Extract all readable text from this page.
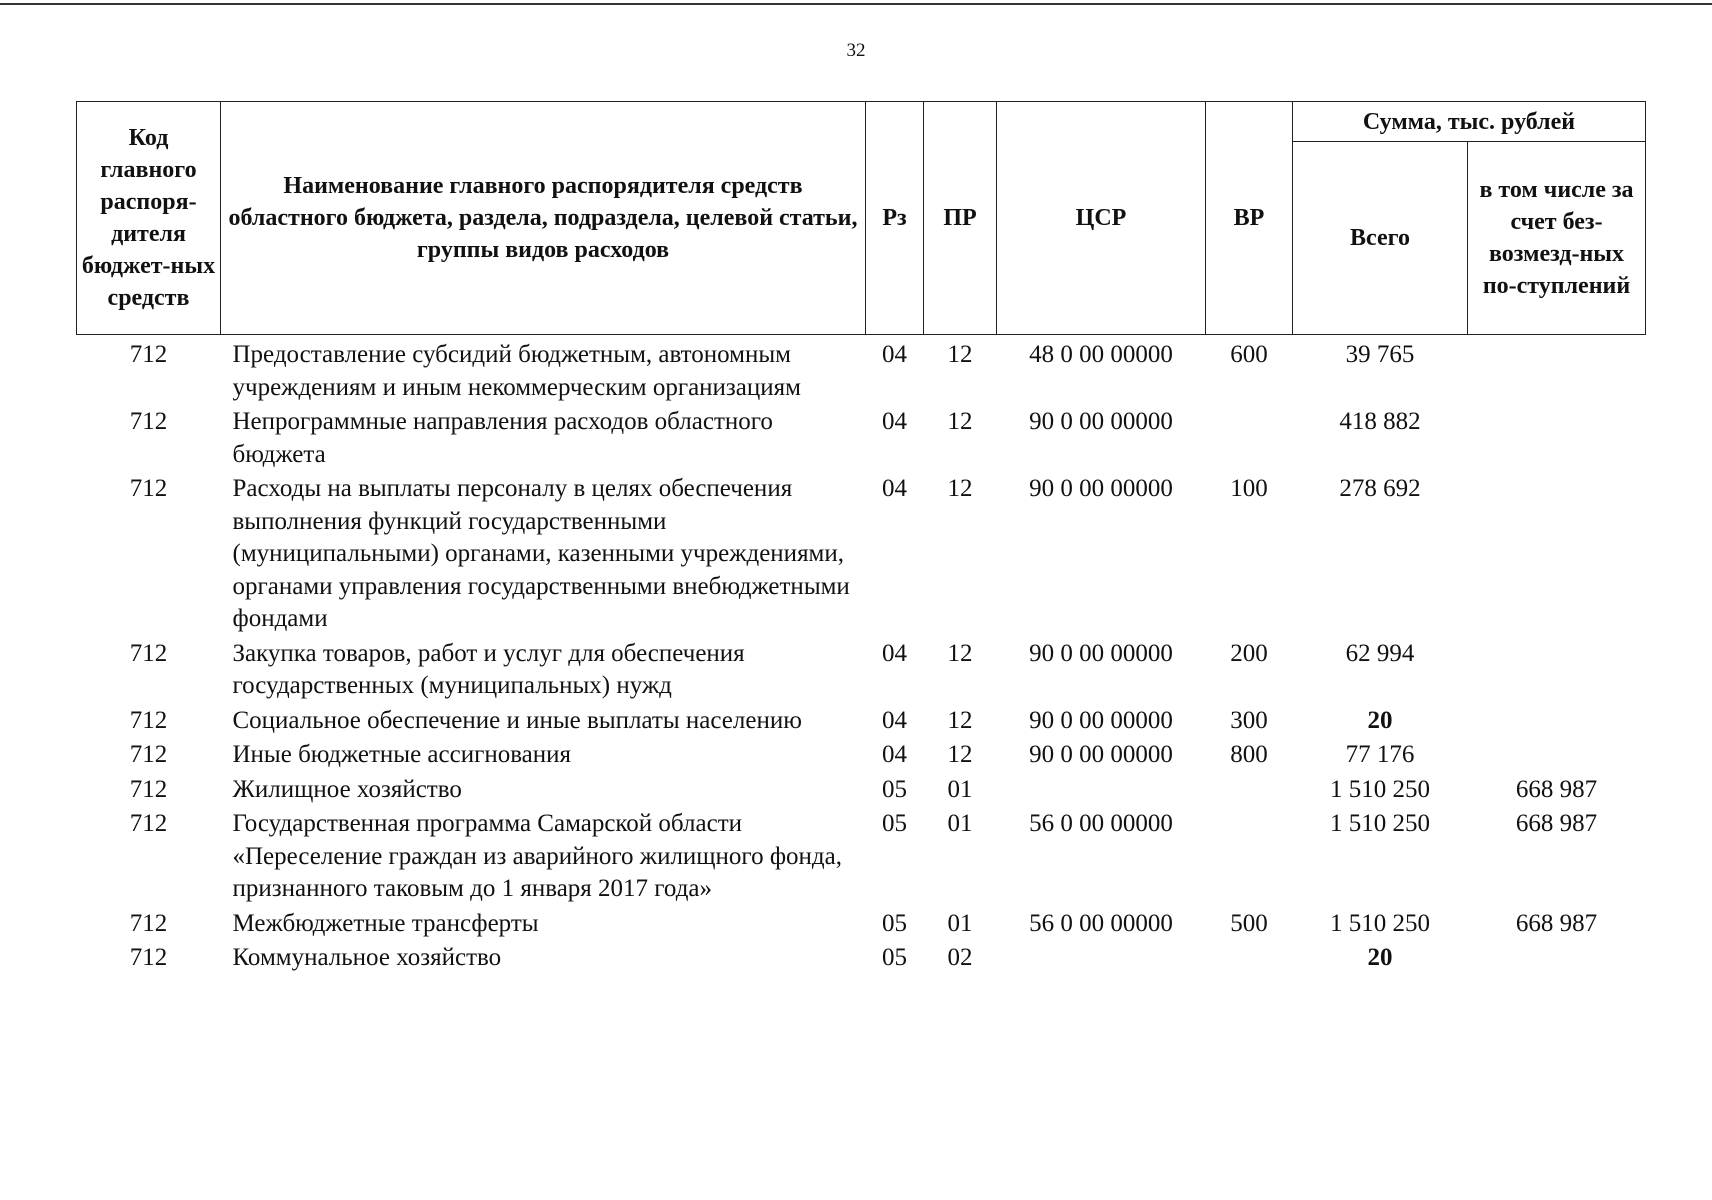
32
Код главного распоря-дителя бюджет-ных средств	Наименование главного распорядителя средств областного бюджета, раздела, подраздела, целевой статьи, группы видов расходов	Рз	ПР	ЦСР	ВР	Сумма, тыс. рублей	
						Всего	в том числе за счет без-возмезд-ных по-ступлений
712	Предоставление субсидий бюджетным, автономным учреждениям и иным некоммерческим организациям	04	12	48 0 00 00000	600	39 765	
712	Непрограммные направления расходов областного бюджета	04	12	90 0 00 00000		418 882	
712	Расходы на выплаты персоналу в целях обеспечения выполнения функций государственными (муниципальными) органами, казенными учреждениями, органами управления государственными внебюджетными фондами	04	12	90 0 00 00000	100	278 692	
712	Закупка товаров, работ и услуг для обеспечения государственных (муниципальных) нужд	04	12	90 0 00 00000	200	62 994	
712	Социальное обеспечение и иные выплаты населению	04	12	90 0 00 00000	300	20	
712	Иные бюджетные ассигнования	04	12	90 0 00 00000	800	77 176	
712	Жилищное хозяйство	05	01			1 510 250	668 987
712	Государственная программа Самарской области «Переселение граждан из аварийного жилищного фонда, признанного таковым до 1 января 2017 года»	05	01	56 0 00 00000		1 510 250	668 987
712	Межбюджетные трансферты	05	01	56 0 00 00000	500	1 510 250	668 987
712	Коммунальное хозяйство	05	02			20	
